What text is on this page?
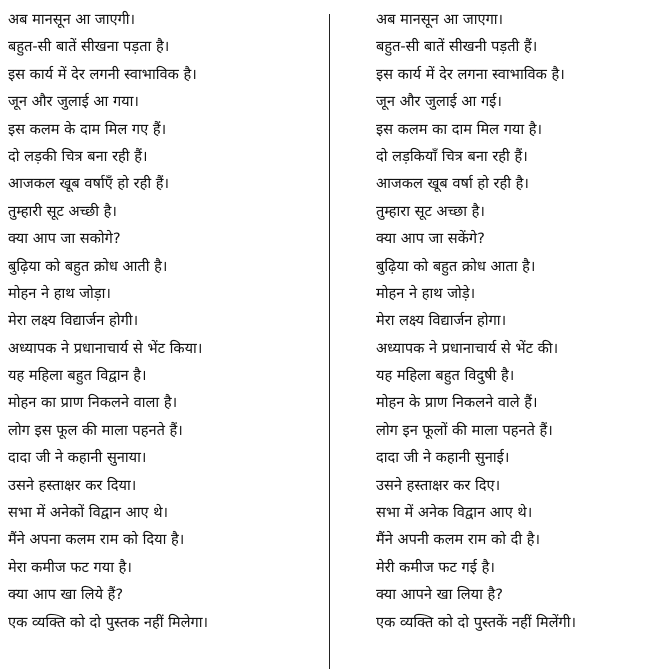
अब मानसून आ जाएगी।
बहुत-सी बातें सीखना पड़ता है।
इस कार्य में देर लगनी स्वाभाविक है।
जून और जुलाई आ गया।
इस कलम के दाम मिल गए हैं।
दो लड़की चित्र बना रही हैं।
आजकल खूब वर्षाएँ हो रही हैं।
तुम्हारी सूट अच्छी है।
क्या आप जा सकोगे?
बुढ़िया को बहुत क्रोध आती है।
मोहन ने हाथ जोड़ा।
मेरा लक्ष्य विद्यार्जन होगी।
अध्यापक ने प्रधानाचार्य से भेंट किया।
यह महिला बहुत विद्वान है।
मोहन का प्राण निकलने वाला है।
लोग इस फूल की माला पहनते हैं।
दादा जी ने कहानी सुनाया।
उसने हस्ताक्षर कर दिया।
सभा में अनेकों विद्वान आए थे।
मैंने अपना कलम राम को दिया है।
मेरा कमीज फट गया है।
क्या आप खा लिये हैं?
एक व्यक्ति को दो पुस्तक नहीं मिलेगा।
अब मानसून आ जाएगा।
बहुत-सी बातें सीखनी पड़ती हैं।
इस कार्य में देर लगना स्वाभाविक है।
जून और जुलाई आ गई।
इस कलम का दाम मिल गया है।
दो लड़कियाँ चित्र बना रही हैं।
आजकल खूब वर्षा हो रही है।
तुम्हारा सूट अच्छा है।
क्या आप जा सकेंगे?
बुढ़िया को बहुत क्रोध आता है।
मोहन ने हाथ जोड़े।
मेरा लक्ष्य विद्यार्जन होगा।
अध्यापक ने प्रधानाचार्य से भेंट की।
यह महिला बहुत विदुषी है।
मोहन के प्राण निकलने वाले हैं।
लोग इन फूलों की माला पहनते हैं।
दादा जी ने कहानी सुनाई।
उसने हस्ताक्षर कर दिए।
सभा में अनेक विद्वान आए थे।
मैंने अपनी कलम राम को दी है।
मेरी कमीज फट गई है।
क्या आपने खा लिया है?
एक व्यक्ति को दो पुस्तकें नहीं मिलेंगी।
